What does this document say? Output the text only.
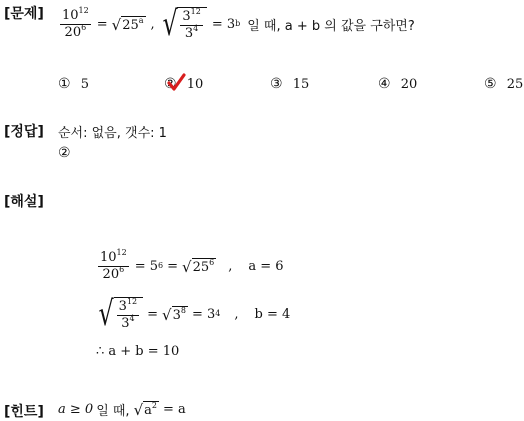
[문제] $\frac{10^{12}}{20^6}$ = √ 25$^a$ , √ $\frac{3^{12}}{3^4} = 3$ b 일 때, a + b 의 값을 구하면?
① 5	② 10	③ 15	④ 20	⑤ 25
[정답] 순서: 없음, 갯수: 1
②
[해설]
$\frac{10^{12}}{20^6} = 5$ 6 = √ $25^6$ , a = 6
√ $\frac{3^{12}}{3^4}$ = √ $3^8 = 3$ 4 , b = 4
∴ a + b = 10
[힌트] a ≥ 0 일 때, √ $a^2 = a$
